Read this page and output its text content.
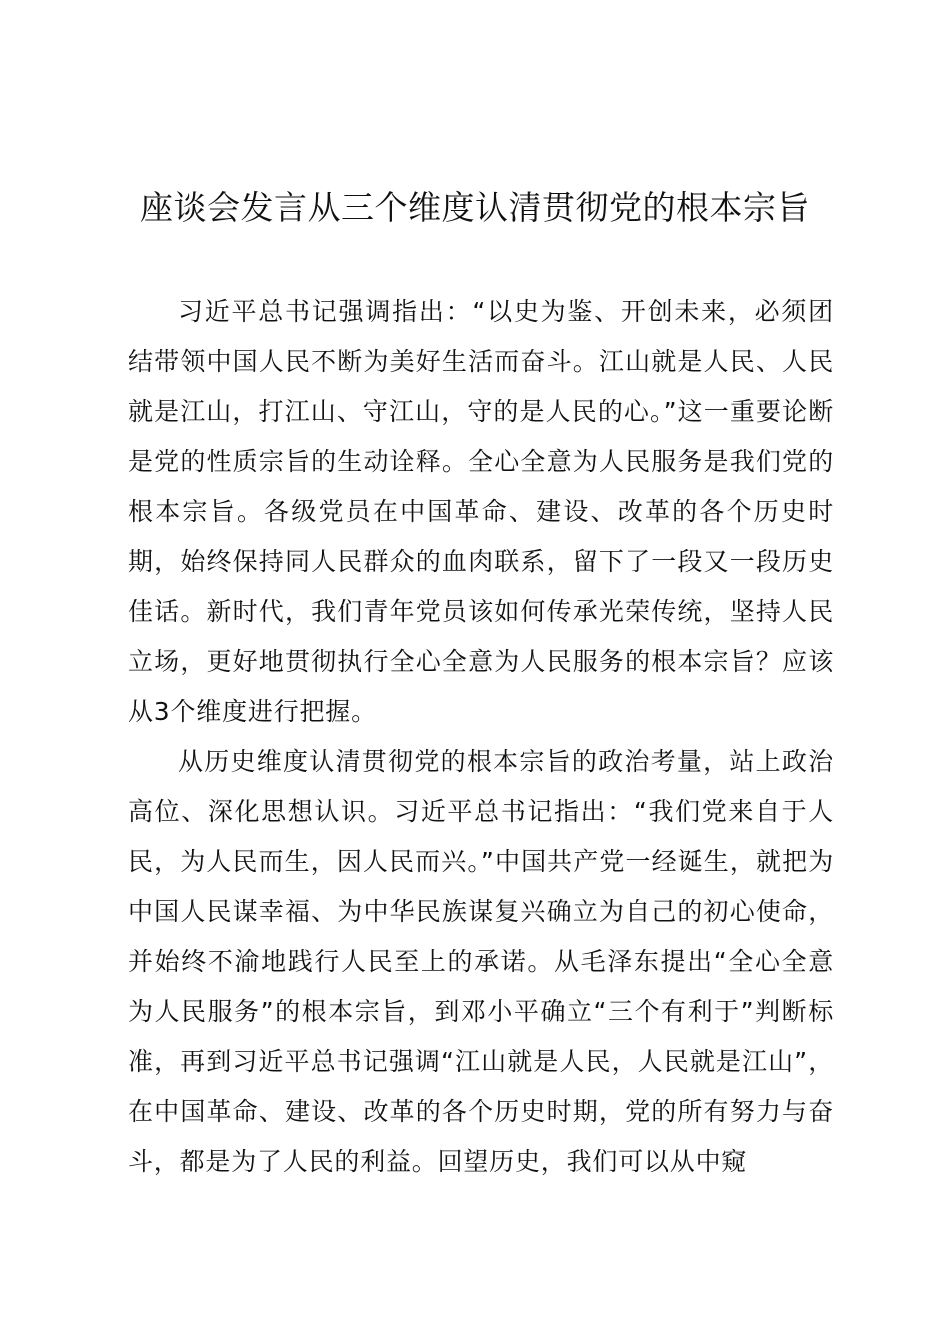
座谈会发言从三个维度认清贯彻党的根本宗旨

习近平总书记强调指出：“以史为鉴、开创未来，必须团结带领中国人民不断为美好生活而奋斗。江山就是人民、人民就是江山，打江山、守江山，守的是人民的心。”这一重要论断是党的性质宗旨的生动诠释。全心全意为人民服务是我们党的根本宗旨。各级党员在中国革命、建设、改革的各个历史时期，始终保持同人民群众的血肉联系，留下了一段又一段历史佳话。新时代，我们青年党员该如何传承光荣传统，坚持人民立场，更好地贯彻执行全心全意为人民服务的根本宗旨？应该从3个维度进行把握。

从历史维度认清贯彻党的根本宗旨的政治考量，站上政治高位、深化思想认识。习近平总书记指出：“我们党来自于人民，为人民而生，因人民而兴。”中国共产党一经诞生，就把为中国人民谋幸福、为中华民族谋复兴确立为自己的初心使命，并始终不渝地践行人民至上的承诺。从毛泽东提出“全心全意为人民服务”的根本宗旨，到邓小平确立“三个有利于”判断标准，再到习近平总书记强调“江山就是人民，人民就是江山”，在中国革命、建设、改革的各个历史时期，党的所有努力与奋斗，都是为了人民的利益。回望历史，我们可以从中窥
